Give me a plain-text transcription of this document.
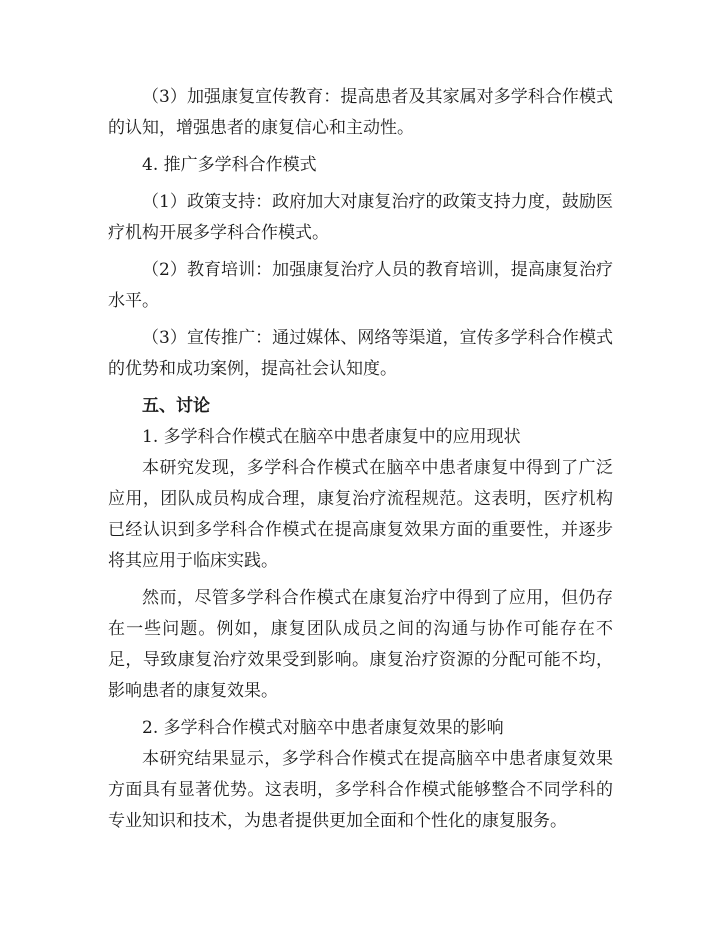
（3）加强康复宣传教育：提高患者及其家属对多学科合作模式的认知，增强患者的康复信心和主动性。

4. 推广多学科合作模式

（1）政策支持：政府加大对康复治疗的政策支持力度，鼓励医疗机构开展多学科合作模式。

（2）教育培训：加强康复治疗人员的教育培训，提高康复治疗水平。

（3）宣传推广：通过媒体、网络等渠道，宣传多学科合作模式的优势和成功案例，提高社会认知度。

五、讨论

1. 多学科合作模式在脑卒中患者康复中的应用现状

本研究发现，多学科合作模式在脑卒中患者康复中得到了广泛应用，团队成员构成合理，康复治疗流程规范。这表明，医疗机构已经认识到多学科合作模式在提高康复效果方面的重要性，并逐步将其应用于临床实践。

然而，尽管多学科合作模式在康复治疗中得到了应用，但仍存在一些问题。例如，康复团队成员之间的沟通与协作可能存在不足，导致康复治疗效果受到影响。康复治疗资源的分配可能不均，影响患者的康复效果。

2. 多学科合作模式对脑卒中患者康复效果的影响

本研究结果显示，多学科合作模式在提高脑卒中患者康复效果方面具有显著优势。这表明，多学科合作模式能够整合不同学科的专业知识和技术，为患者提供更加全面和个性化的康复服务。
